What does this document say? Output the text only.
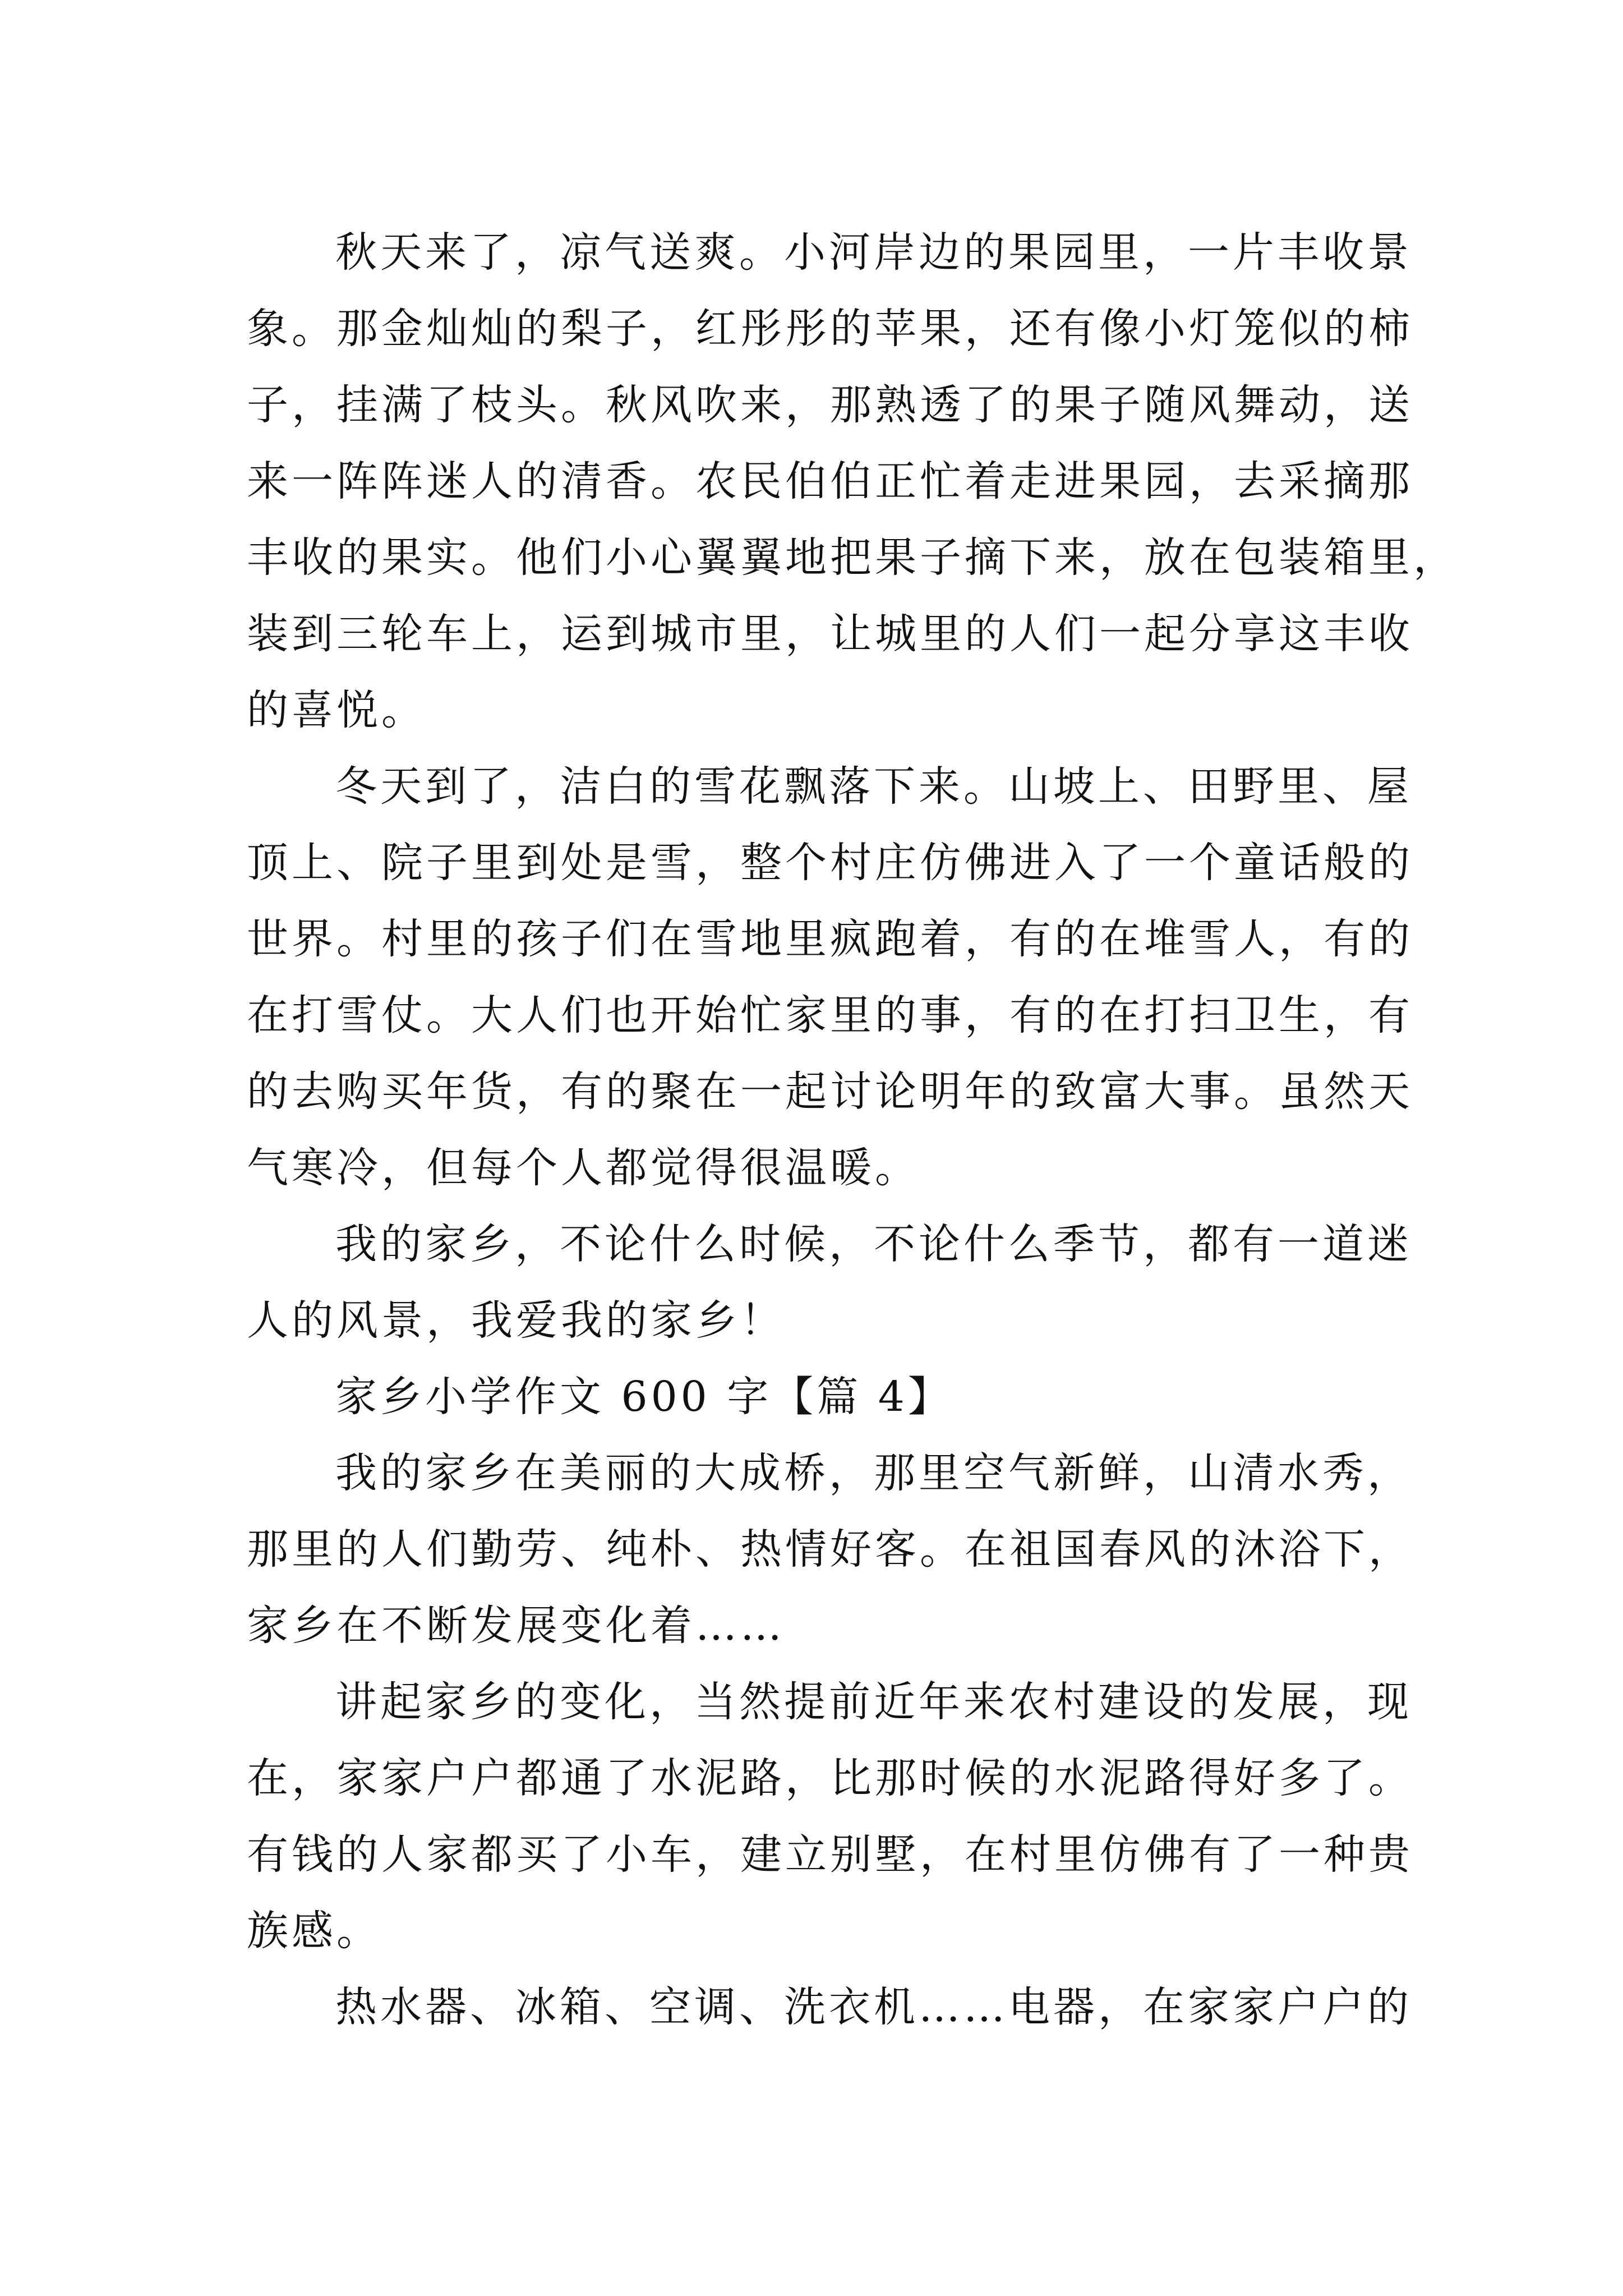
秋天来了，凉气送爽。小河岸边的果园里，一片丰收景
象。那金灿灿的梨子，红彤彤的苹果，还有像小灯笼似的柿
子，挂满了枝头。秋风吹来，那熟透了的果子随风舞动，送
来一阵阵迷人的清香。农民伯伯正忙着走进果园，去采摘那
丰收的果实。他们小心翼翼地把果子摘下来，放在包装箱里，
装到三轮车上，运到城市里，让城里的人们一起分享这丰收
的喜悦。
冬天到了，洁白的雪花飘落下来。山坡上、田野里、屋
顶上、院子里到处是雪，整个村庄仿佛进入了一个童话般的
世界。村里的孩子们在雪地里疯跑着，有的在堆雪人，有的
在打雪仗。大人们也开始忙家里的事，有的在打扫卫生，有
的去购买年货，有的聚在一起讨论明年的致富大事。虽然天
气寒冷，但每个人都觉得很温暖。
我的家乡，不论什么时候，不论什么季节，都有一道迷
人的风景，我爱我的家乡！
家乡小学作文 600 字【篇 4】
我的家乡在美丽的大成桥，那里空气新鲜，山清水秀，
那里的人们勤劳、纯朴、热情好客。在祖国春风的沐浴下，
家乡在不断发展变化着……
讲起家乡的变化，当然提前近年来农村建设的发展，现
在，家家户户都通了水泥路，比那时候的水泥路得好多了。
有钱的人家都买了小车，建立别墅，在村里仿佛有了一种贵
族感。
热水器、冰箱、空调、洗衣机……电器，在家家户户的
